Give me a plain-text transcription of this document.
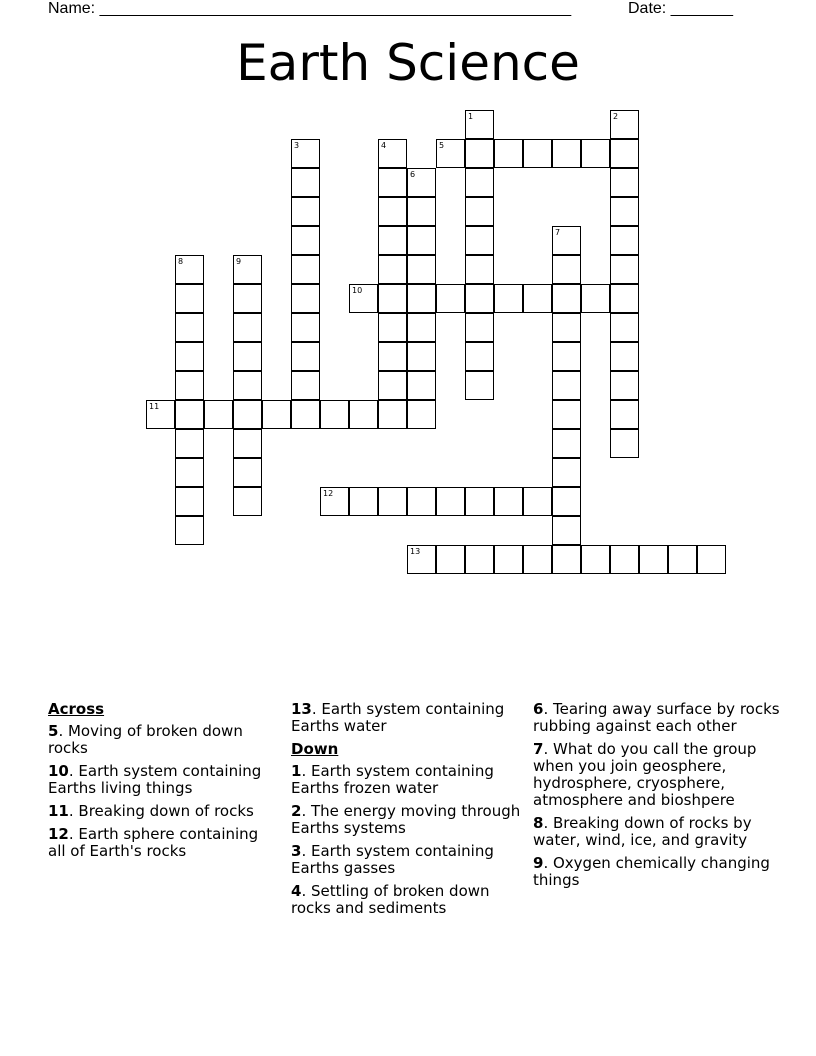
Name: _____________________________________________________	Date: _______
Earth Science
1	2
3	4	5
6
7
8	9
10
11
12
13
Across
5. Moving of broken down rocks
10. Earth system containing Earths living things
11. Breaking down of rocks
12. Earth sphere containing all of Earth's rocks
13. Earth system containing Earths water
Down
1. Earth system containing Earths frozen water
2. The energy moving through Earths systems
3. Earth system containing Earths gasses
4. Settling of broken down rocks and sediments
6. Tearing away surface by rocks rubbing against each other
7. What do you call the group when you join geosphere, hydrosphere, cryosphere, atmosphere and bioshpere
8. Breaking down of rocks by water, wind, ice, and gravity
9. Oxygen chemically changing things
